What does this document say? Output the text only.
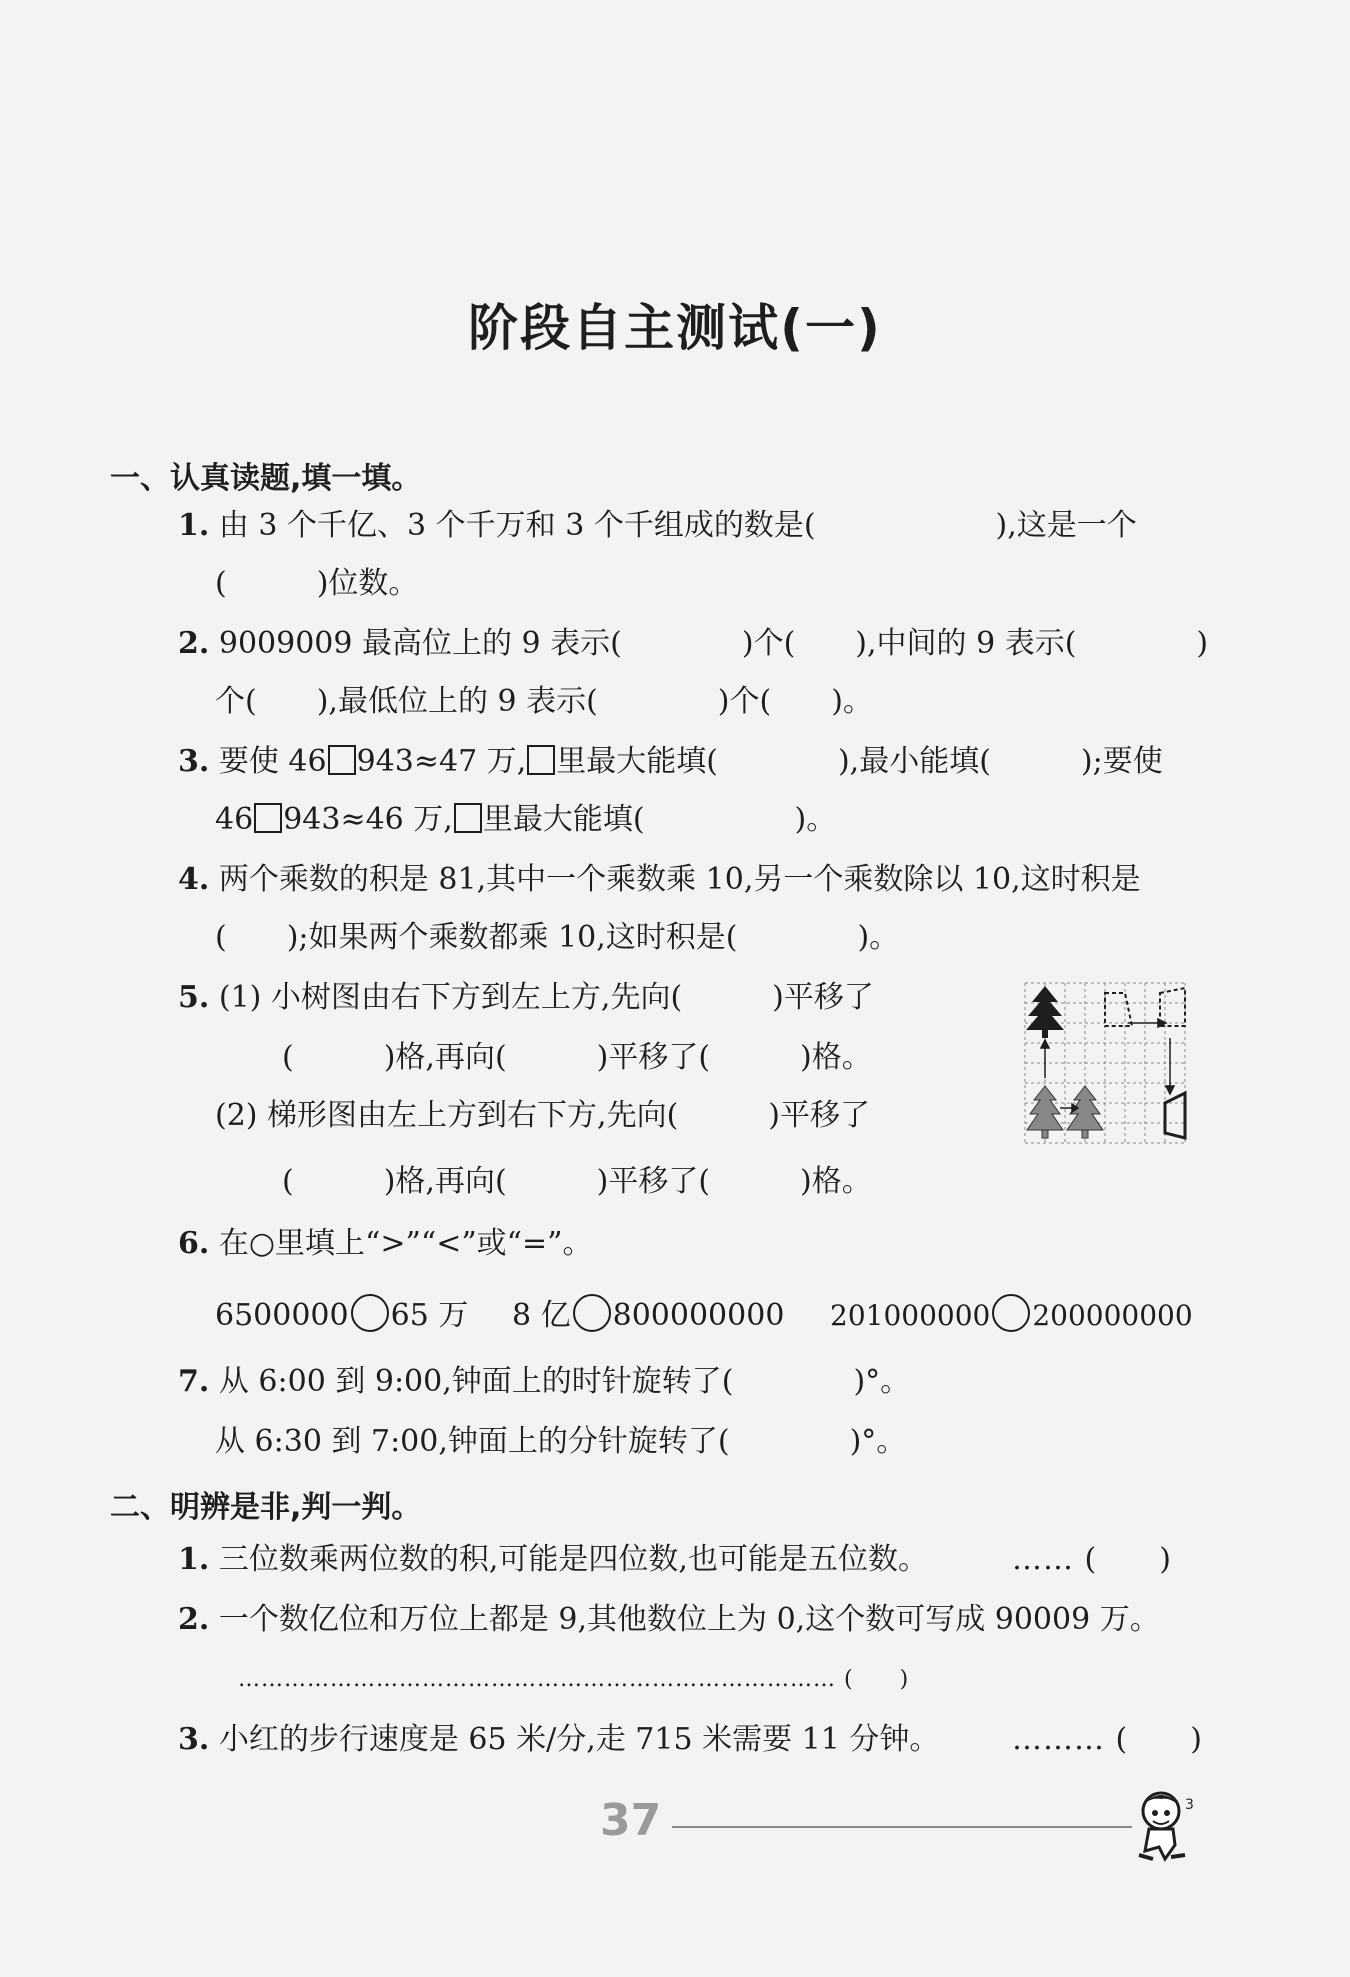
阶段自主测试(一)
一、认真读题,填一填。
1. 由 3 个千亿、3 个千万和 3 个千组成的数是(　　　　　　),这是一个
(　　　)位数。
2. 9009009 最高位上的 9 表示(　　　　)个(　　),中间的 9 表示(　　　　)
个(　　),最低位上的 9 表示(　　　　)个(　　)。
3. 要使 46 943≈47 万, 里最大能填(　　　　),最小能填(　　　);要使
46 943≈46 万, 里最大能填(　　　　　)。
4. 两个乘数的积是 81,其中一个乘数乘 10,另一个乘数除以 10,这时积是
(　　);如果两个乘数都乘 10,这时积是(　　　　)。
5. (1) 小树图由右下方到左上方,先向(　　　)平移了
(　　　)格,再向(　　　)平移了(　　　)格。
(2) 梯形图由左上方到右下方,先向(　　　)平移了
(　　　)格,再向(　　　)平移了(　　　)格。
6. 在○里填上“>”“<”或“=”。
6500000 65 万 8 亿 800000000 201000000 200000000
7. 从 6:00 到 9:00,钟面上的时针旋转了(　　　　)°。
从 6:30 到 7:00,钟面上的分针旋转了(　　　　)°。
二、明辨是非,判一判。
1. 三位数乘两位数的积,可能是四位数,也可能是五位数。	…… (　　)
2. 一个数亿位和万位上都是 9,其他数位上为 0,这个数可写成 90009 万。
…………………………………………………………………… (　　)
3. 小红的步行速度是 65 米/分,走 715 米需要 11 分钟。 ……… (　　)
37	3
